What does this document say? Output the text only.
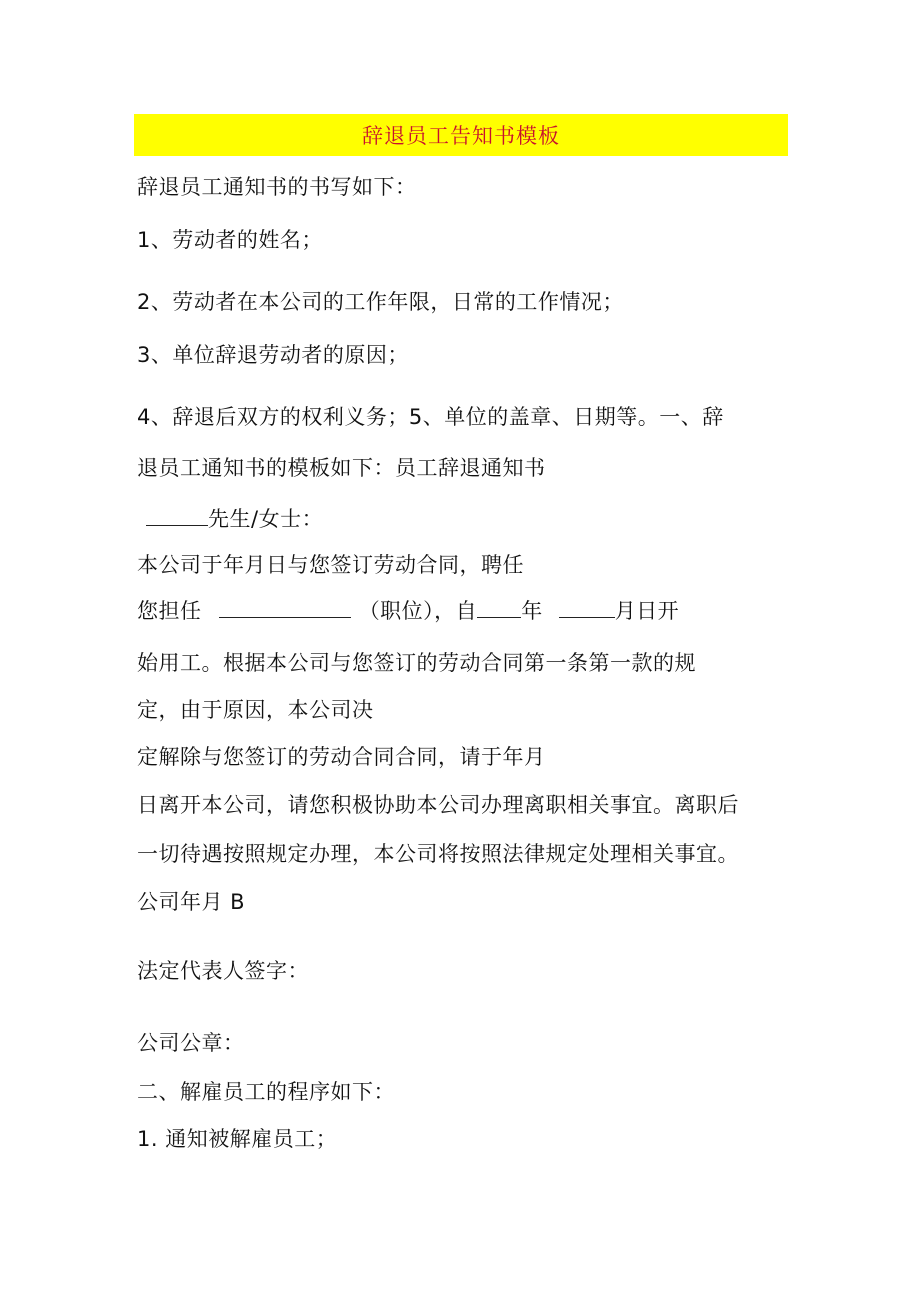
辞退员工告知书模板
辞退员工通知书的书写如下：
1、劳动者的姓名；
2、劳动者在本公司的工作年限，日常的工作情况；
3、单位辞退劳动者的原因；
4、辞退后双方的权利义务；5、单位的盖章、日期等。一、辞
退员工通知书的模板如下：员工辞退通知书
先生/女士：
本公司于年月日与您签订劳动合同，聘任
您担任	（职位），自 年	月日开
始用工。根据本公司与您签订的劳动合同第一条第一款的规
定，由于原因，本公司决
定解除与您签订的劳动合同合同，请于年月
日离开本公司，请您积极协助本公司办理离职相关事宜。离职后
一切待遇按照规定办理，本公司将按照法律规定处理相关事宜。
公司年月 B
法定代表人签字：
公司公章：
二、解雇员工的程序如下：
1. 通知被解雇员工；
